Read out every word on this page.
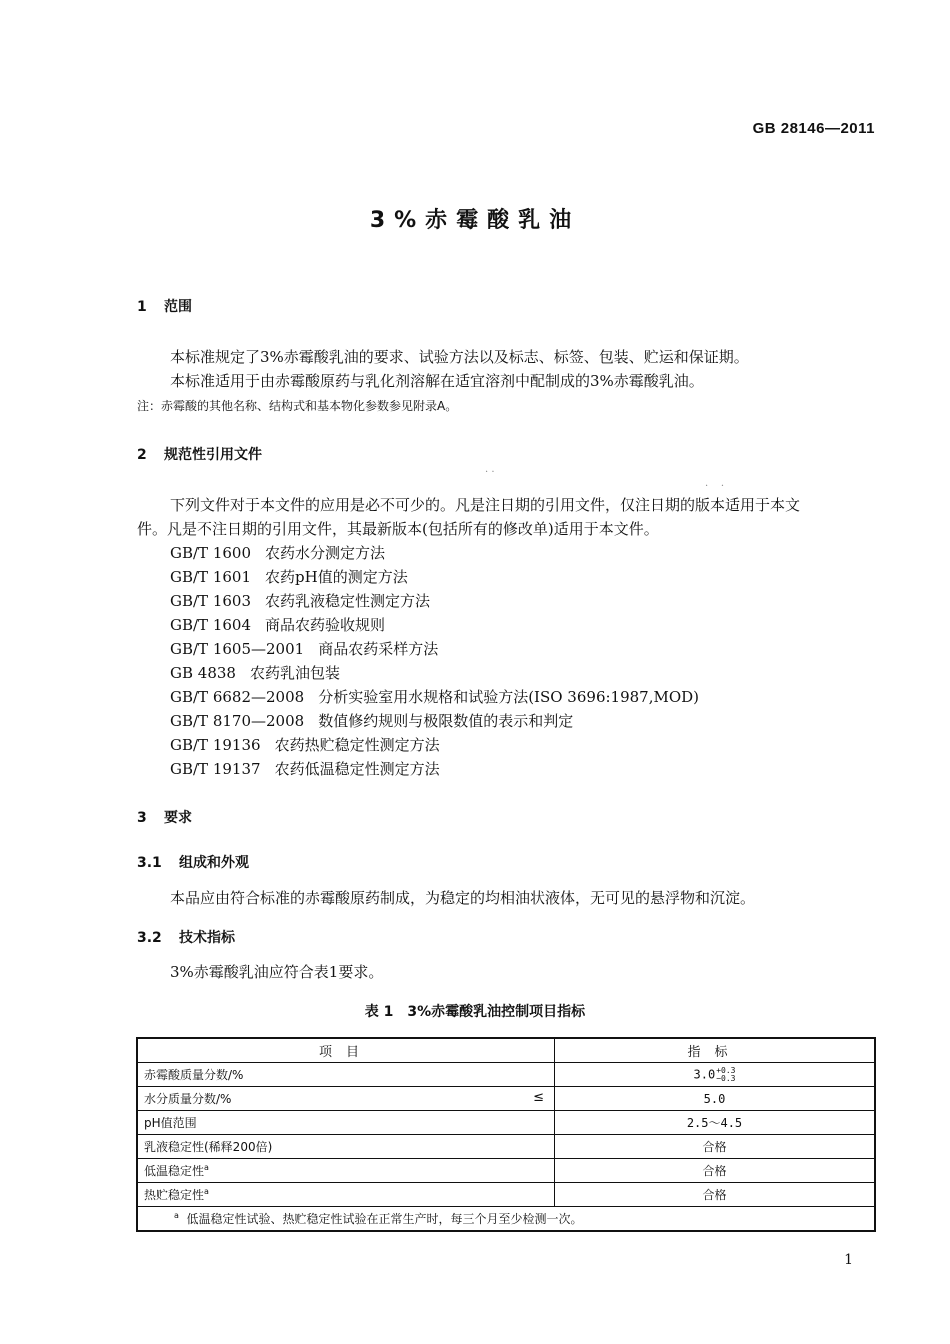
GB 28146—2011
3%赤霉酸乳油
1 范围
本标准规定了3%赤霉酸乳油的要求、试验方法以及标志、标签、包装、贮运和保证期。
本标准适用于由赤霉酸原药与乳化剂溶解在适宜溶剂中配制成的3%赤霉酸乳油。
注：赤霉酸的其他名称、结构式和基本物化参数参见附录A。
2 规范性引用文件
. .
.    .
下列文件对于本文件的应用是必不可少的。凡是注日期的引用文件，仅注日期的版本适用于本文
件。凡是不注日期的引用文件，其最新版本(包括所有的修改单)适用于本文件。
GB/T 1600 农药水分测定方法
GB/T 1601 农药pH值的测定方法
GB/T 1603 农药乳液稳定性测定方法
GB/T 1604 商品农药验收规则
GB/T 1605—2001 商品农药采样方法
GB 4838 农药乳油包装
GB/T 6682—2008 分析实验室用水规格和试验方法(ISO 3696:1987,MOD)
GB/T 8170—2008 数值修约规则与极限数值的表示和判定
GB/T 19136 农药热贮稳定性测定方法
GB/T 19137 农药低温稳定性测定方法
3 要求
3.1 组成和外观
本品应由符合标准的赤霉酸原药制成，为稳定的均相油状液体，无可见的悬浮物和沉淀。
3.2 技术指标
3%赤霉酸乳油应符合表1要求。
表 1　3%赤霉酸乳油控制项目指标
项目	指标
赤霉酸质量分数/%	3.0+0.3
−0.3
水分质量分数/% ≤	5.0
pH值范围	2.5～4.5
乳液稳定性(稀释200倍)	合格
低温稳定性$^a$	合格
热贮稳定性$^a$	合格
$^a$ 低温稳定性试验、热贮稳定性试验在正常生产时，每三个月至少检测一次。	
1
